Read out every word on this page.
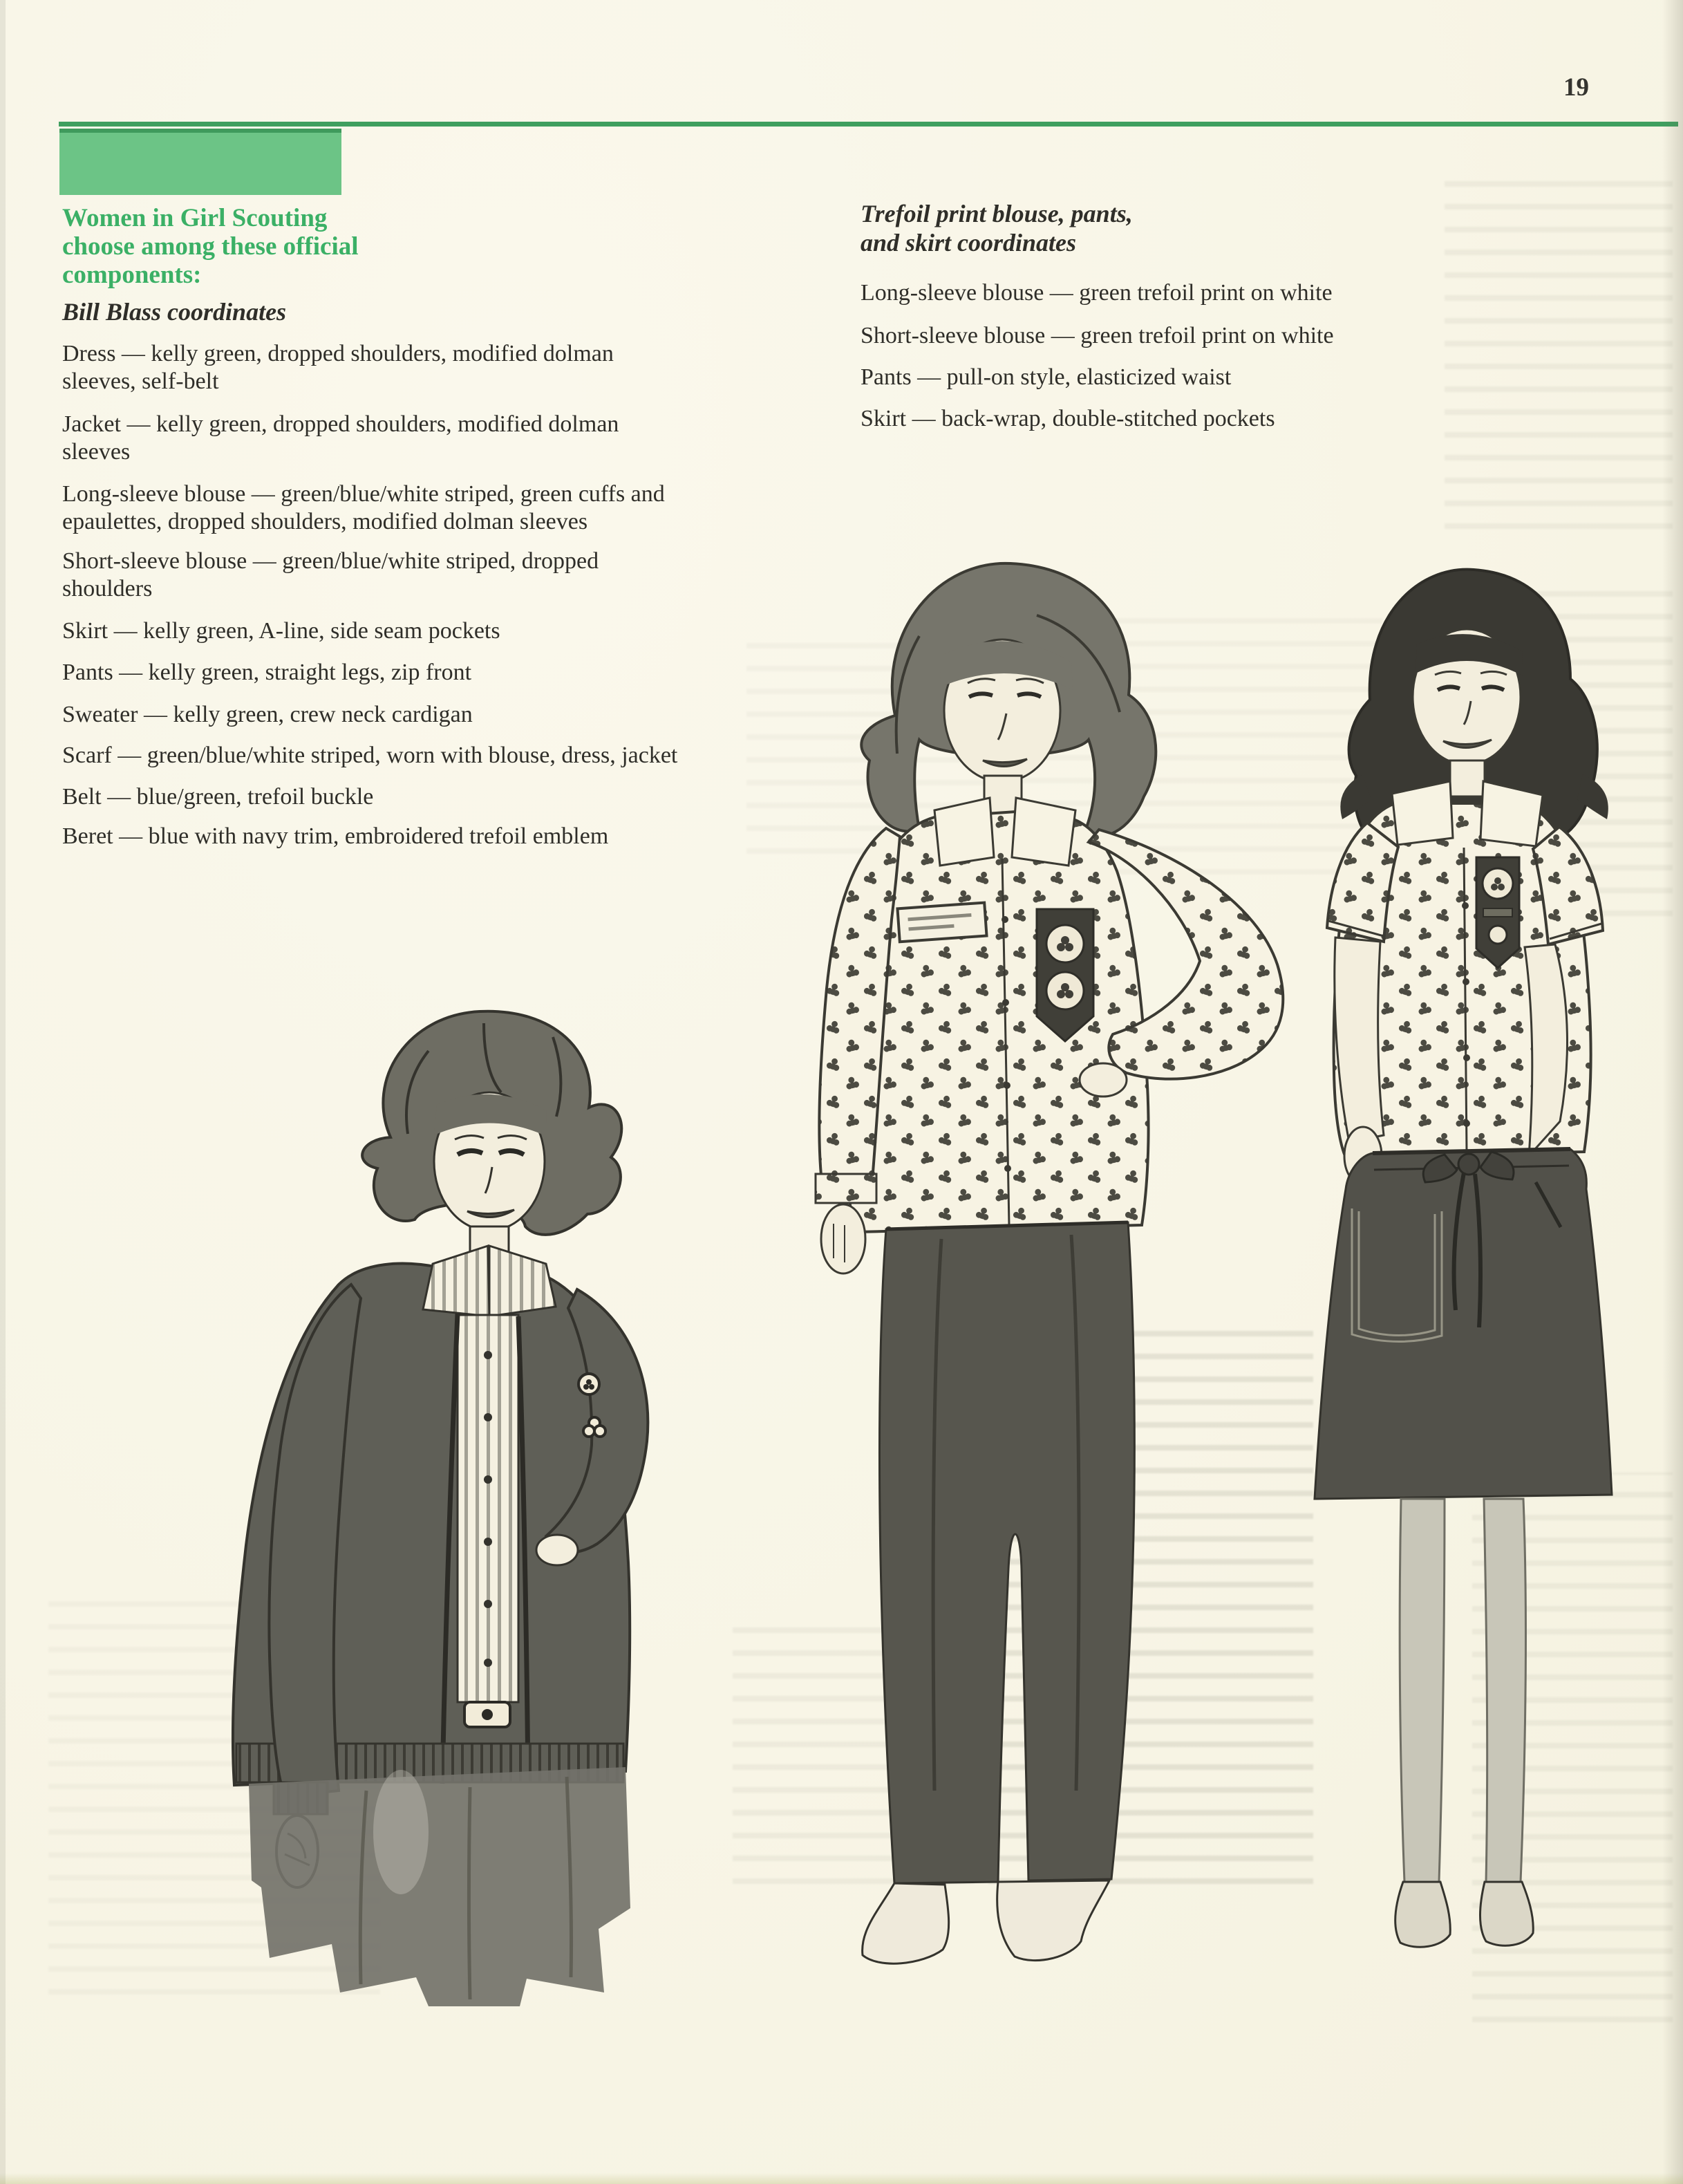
19
Women in Girl Scouting
choose among these official
components:
Bill Blass coordinates
Dress — kelly green, dropped shoulders, modified dolman
sleeves, self-belt
Jacket — kelly green, dropped shoulders, modified dolman
sleeves
Long-sleeve blouse — green/blue/white striped, green cuffs and
epaulettes, dropped shoulders, modified dolman sleeves
Short-sleeve blouse — green/blue/white striped, dropped
shoulders
Skirt — kelly green, A-line, side seam pockets
Pants — kelly green, straight legs, zip front
Sweater — kelly green, crew neck cardigan
Scarf — green/blue/white striped, worn with blouse, dress, jacket
Belt — blue/green, trefoil buckle
Beret — blue with navy trim, embroidered trefoil emblem
Trefoil print blouse, pants,
and skirt coordinates
Long-sleeve blouse — green trefoil print on white
Short-sleeve blouse — green trefoil print on white
Pants — pull-on style, elasticized waist
Skirt — back-wrap, double-stitched pockets
